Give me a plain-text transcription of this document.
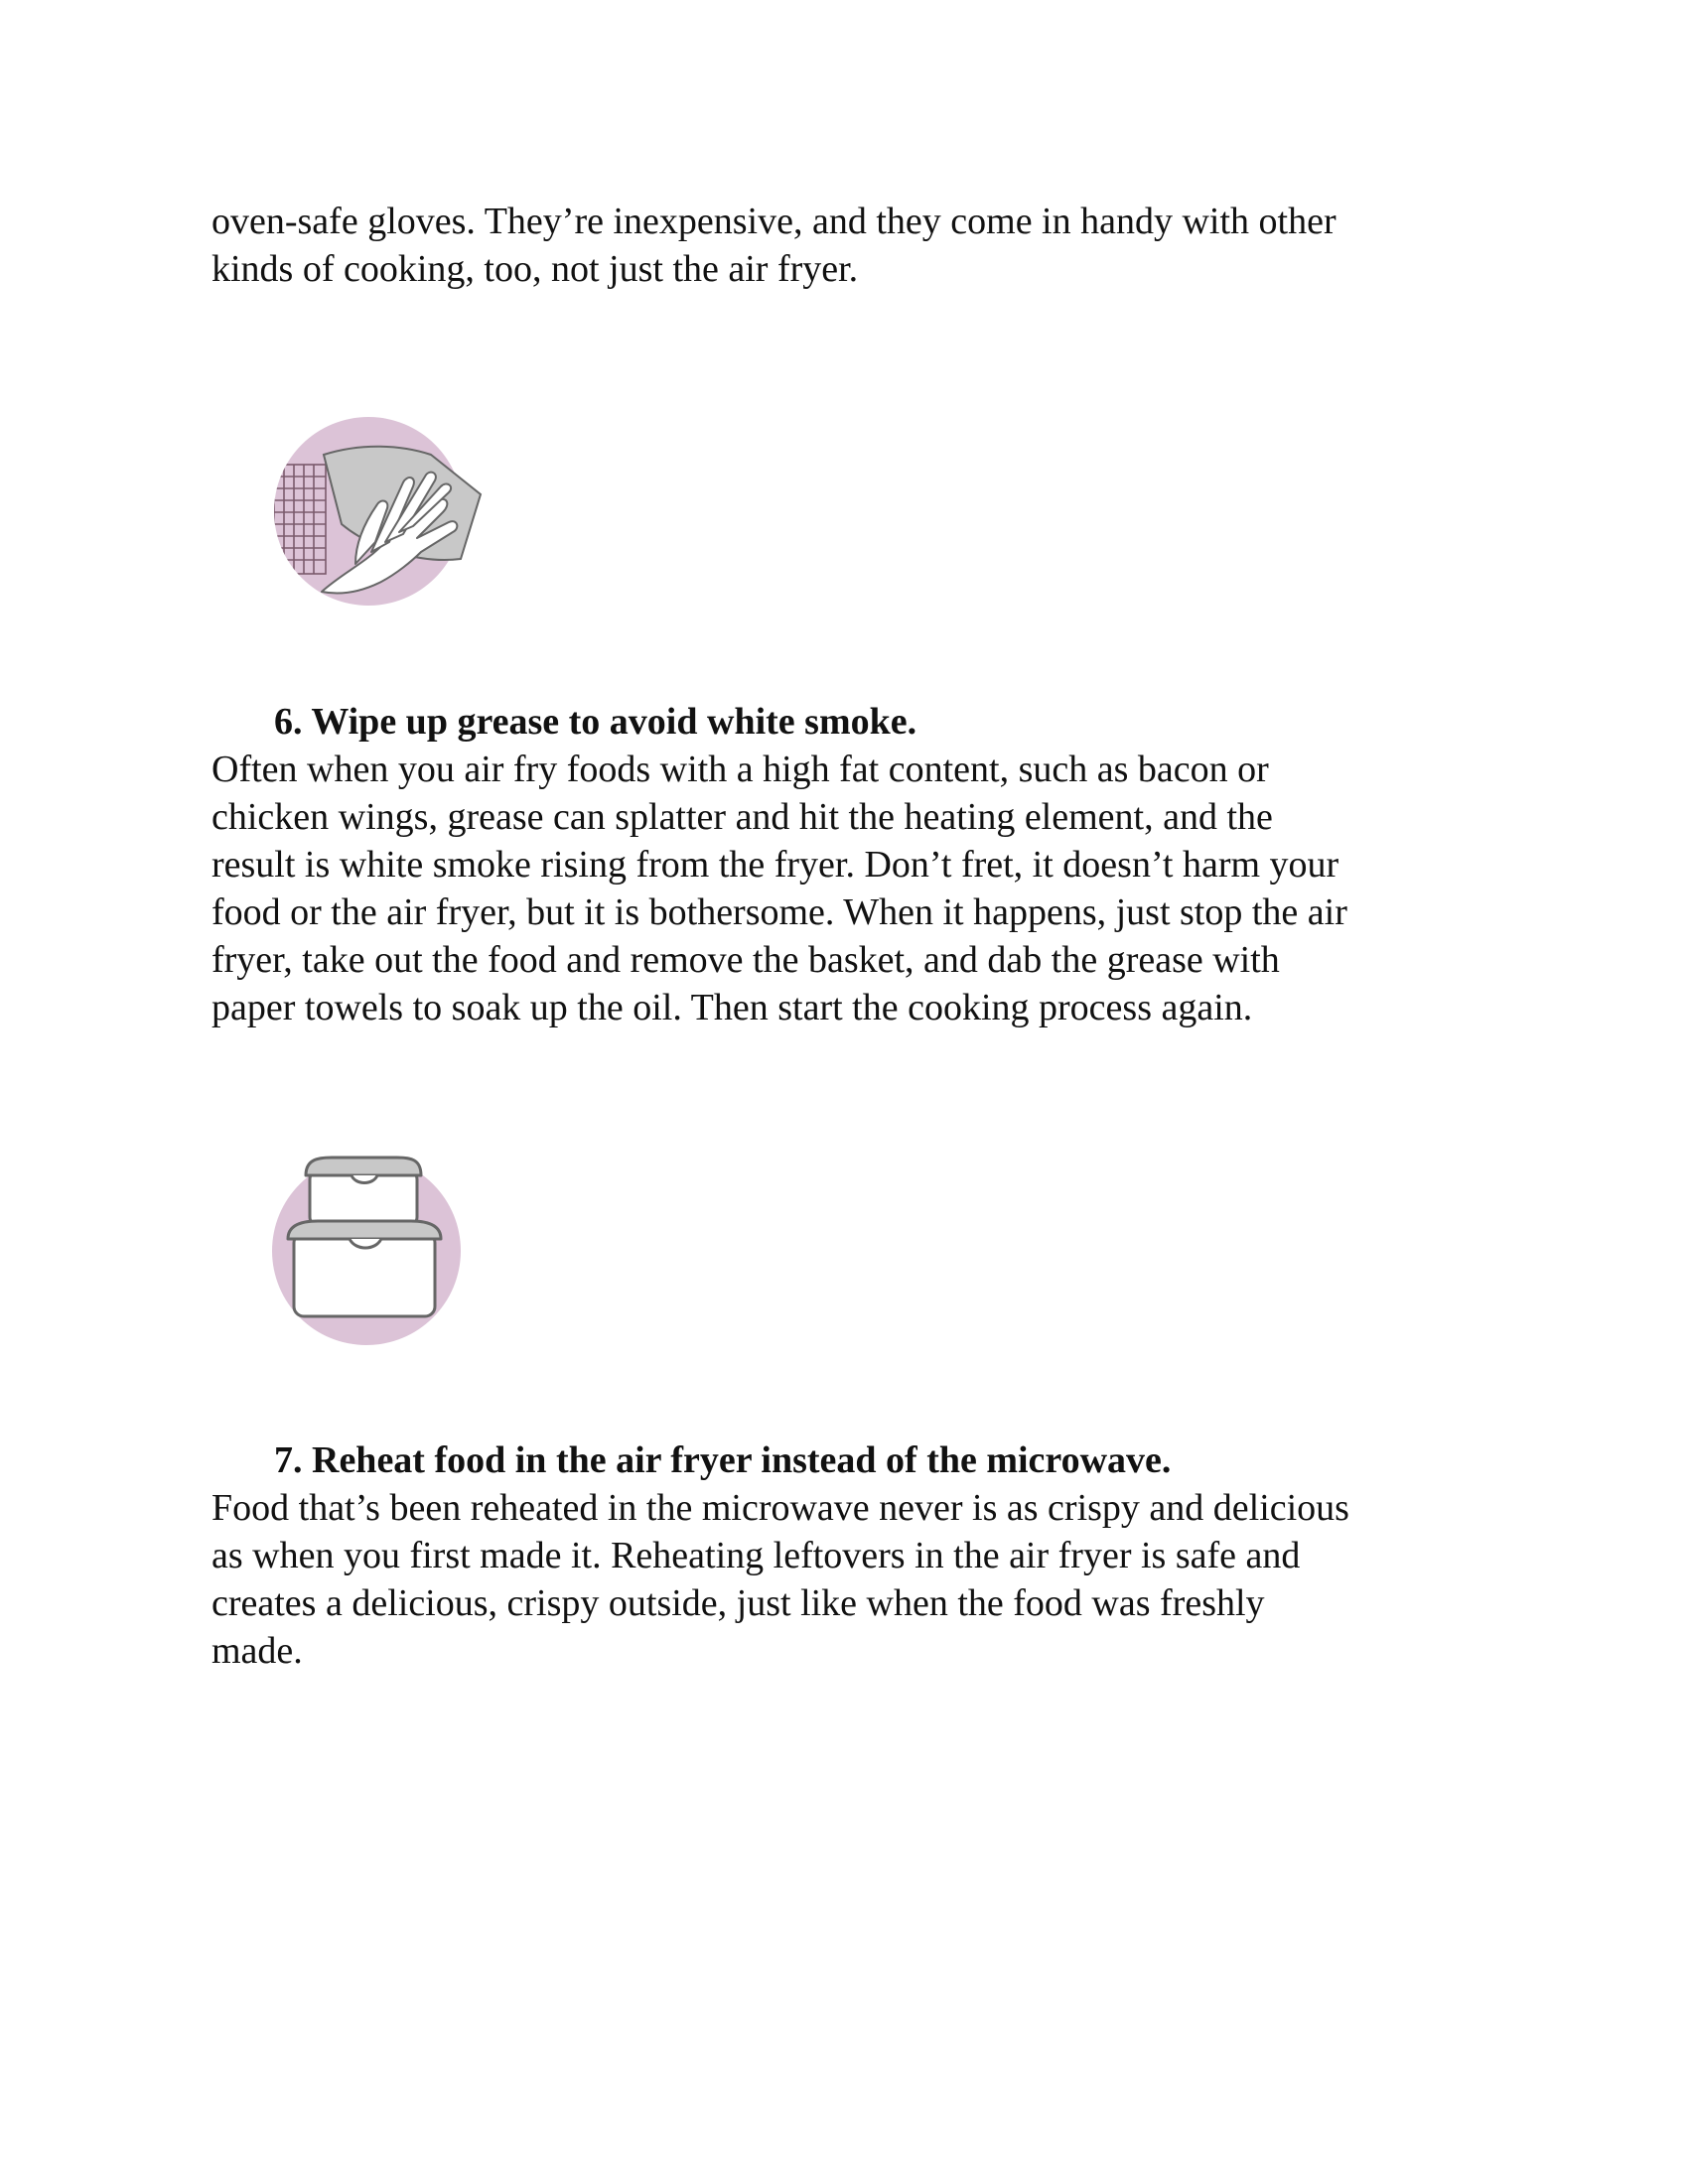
oven-safe gloves. They’re inexpensive, and they come in handy with other
kinds of cooking, too, not just the air fryer.

6. Wipe up grease to avoid white smoke.

Often when you air fry foods with a high fat content, such as bacon or
chicken wings, grease can splatter and hit the heating element, and the
result is white smoke rising from the fryer. Don’t fret, it doesn’t harm your
food or the air fryer, but it is bothersome. When it happens, just stop the air
fryer, take out the food and remove the basket, and dab the grease with
paper towels to soak up the oil. Then start the cooking process again.

7. Reheat food in the air fryer instead of the microwave.

Food that’s been reheated in the microwave never is as crispy and delicious
as when you first made it. Reheating leftovers in the air fryer is safe and
creates a delicious, crispy outside, just like when the food was freshly
made.
